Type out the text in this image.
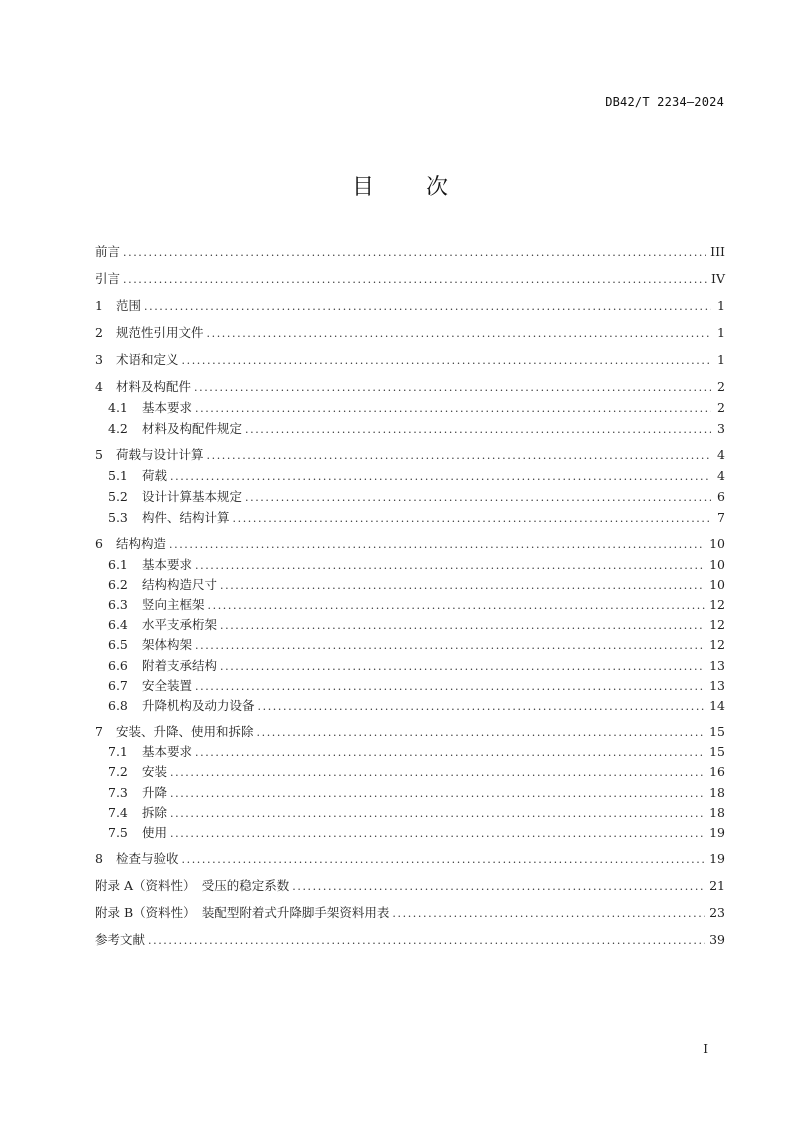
DB42/T 2234—2024
目 次
前言 .....	III
引言 .....	IV
1	范围 .....	1
2	规范性引用文件 .....	1
3	术语和定义 .....	1
4	材料及构配件 .....	2
4.1	基本要求 .....	2
4.2	材料及构配件规定 .....	3
5	荷载与设计计算 .....	4
5.1	荷载 .....	4
5.2	设计计算基本规定 .....	6
5.3	构件、结构计算 .....	7
6	结构构造 .....	10
6.1	基本要求 .....	10
6.2	结构构造尺寸 .....	10
6.3	竖向主框架 .....	12
6.4	水平支承桁架 .....	12
6.5	架体构架 .....	12
6.6	附着支承结构 .....	13
6.7	安全装置 .....	13
6.8	升降机构及动力设备 .....	14
7	安装、升降、使用和拆除 .....	15
7.1	基本要求 .....	15
7.2	安装 .....	16
7.3	升降 .....	18
7.4	拆除 .....	18
7.5	使用 .....	19
8	检查与验收 .....	19
附录 A（资料性）　受压的稳定系数 .....	21
附录 B（资料性）　装配型附着式升降脚手架资料用表 .....	23
参考文献 .....	39
I
